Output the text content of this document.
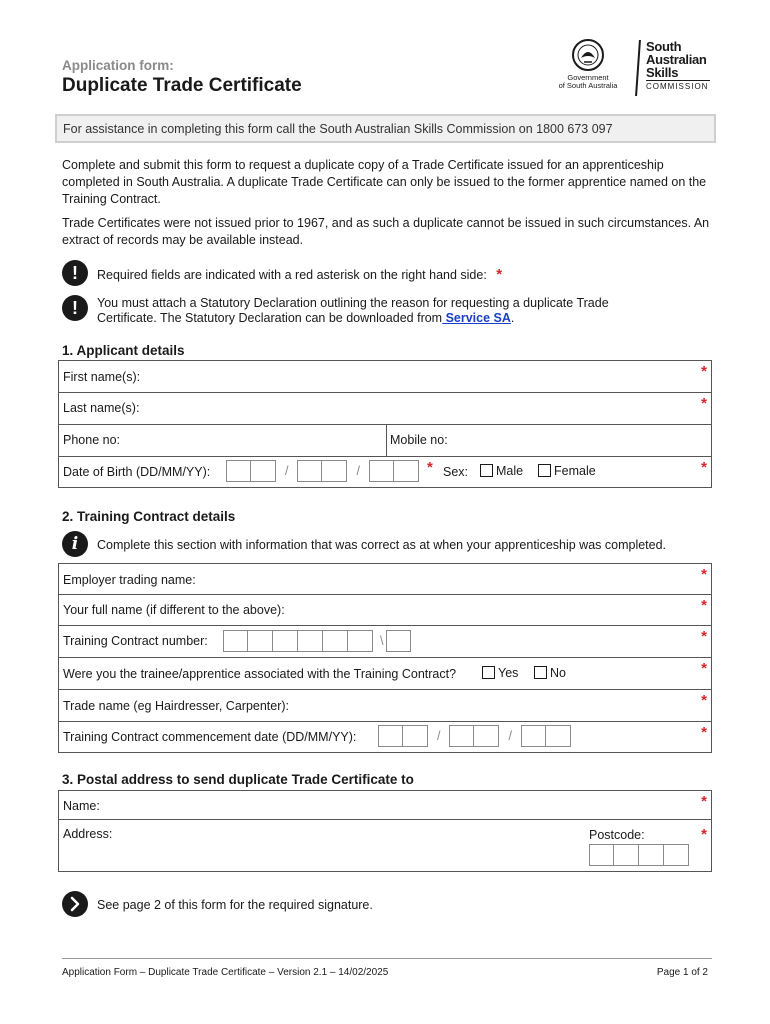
Application form:
Duplicate Trade Certificate	Government
of South Australia
South
Australian
Skills
COMMISSION
For assistance in completing this form call the South Australian Skills Commission on 1800 673 097
Complete and submit this form to request a duplicate copy of a Trade Certificate issued for an apprenticeship completed in South Australia. A duplicate Trade Certificate can only be issued to the former apprentice named on the Training Contract.
Trade Certificates were not issued prior to 1967, and as such a duplicate cannot be issued in such circumstances. An extract of records may be available instead.
!	Required fields are indicated with a red asterisk on the right hand side: *
!	You must attach a Statutory Declaration outlining the reason for requesting a duplicate Trade
Certificate. The Statutory Declaration can be downloaded from Service SA.
1. Applicant details
First name(s):	*
Last name(s):	*
Phone no:	Mobile no:
Date of Birth (DD/MM/YY):	/	/	* Sex:	Male	Female	*
2. Training Contract details
i	Complete this section with information that was correct as at when your apprenticeship was completed.
Employer trading name:	*
Your full name (if different to the above):	*
Training Contract number:	\	*
Were you the trainee/apprentice associated with the Training Contract?	Yes	No	*
Trade name (eg Hairdresser, Carpenter):	*
Training Contract commencement date (DD/MM/YY):	/	/	*
3. Postal address to send duplicate Trade Certificate to
Name:	*
Address:	Postcode:	*
See page 2 of this form for the required signature.
Application Form – Duplicate Trade Certificate – Version 2.1 – 14/02/2025	Page 1 of 2
